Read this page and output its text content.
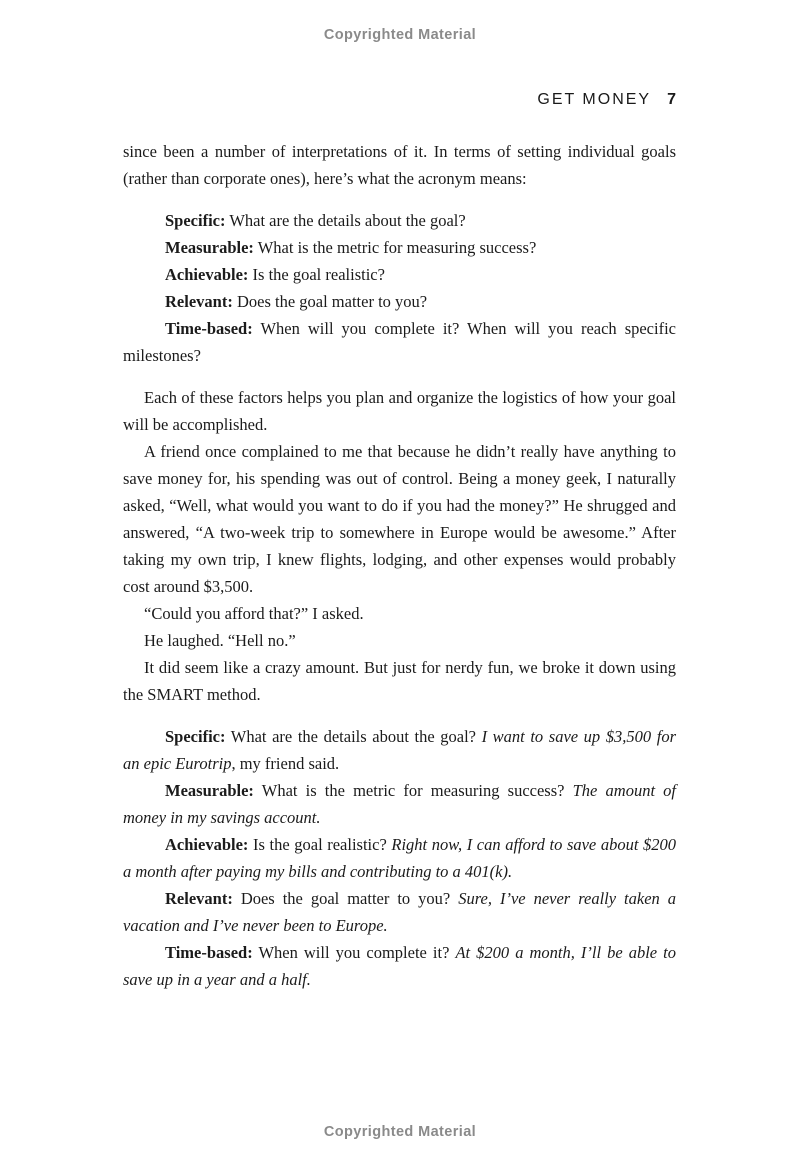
Copyrighted Material
GET MONEY 7

since been a number of interpretations of it. In terms of setting individual goals (rather than corporate ones), here’s what the acronym means:

Specific: What are the details about the goal?

Measurable: What is the metric for measuring success?

Achievable: Is the goal realistic?

Relevant: Does the goal matter to you?

Time-based: When will you complete it? When will you reach specific milestones?

Each of these factors helps you plan and organize the logistics of how your goal will be accomplished.

A friend once complained to me that because he didn’t really have anything to save money for, his spending was out of control. Being a money geek, I naturally asked, “Well, what would you want to do if you had the money?” He shrugged and answered, “A two-week trip to somewhere in Europe would be awesome.” After taking my own trip, I knew flights, lodging, and other expenses would probably cost around $3,500.

“Could you afford that?” I asked.

He laughed. “Hell no.”

It did seem like a crazy amount. But just for nerdy fun, we broke it down using the SMART method.

Specific: What are the details about the goal? I want to save up $3,500 for an epic Eurotrip, my friend said.

Measurable: What is the metric for measuring success? The amount of money in my savings account.

Achievable: Is the goal realistic? Right now, I can afford to save about $200 a month after paying my bills and contributing to a 401(k).

Relevant: Does the goal matter to you? Sure, I’ve never really taken a vacation and I’ve never been to Europe.

Time-based: When will you complete it? At $200 a month, I’ll be able to save up in a year and a half.

Copyrighted Material
